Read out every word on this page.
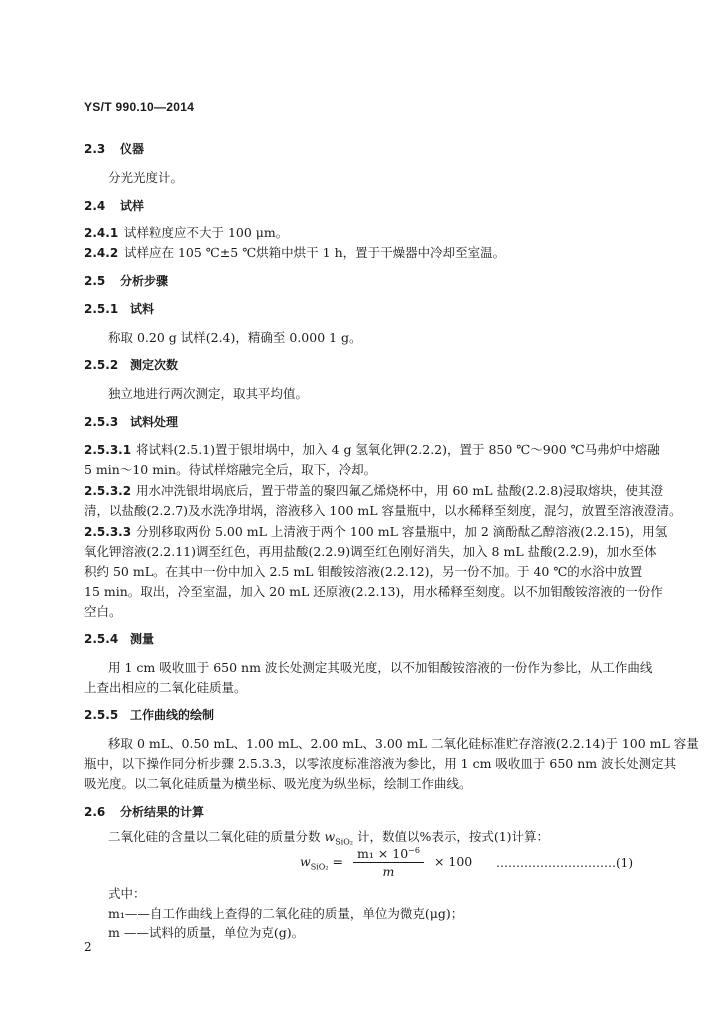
YS/T 990.10—2014
2.3 仪器
分光光度计。
2.4 试样
2.4.1 试样粒度应不大于 100 μm。
2.4.2 试样应在 105 ℃±5 ℃烘箱中烘干 1 h，置于干燥器中冷却至室温。
2.5 分析步骤
2.5.1 试料
称取 0.20 g 试样(2.4)，精确至 0.000 1 g。
2.5.2 测定次数
独立地进行两次测定，取其平均值。
2.5.3 试料处理
2.5.3.1 将试料(2.5.1)置于银坩埚中，加入 4 g 氢氧化钾(2.2.2)，置于 850 ℃～900 ℃马弗炉中熔融
5 min～10 min。待试样熔融完全后，取下，冷却。
2.5.3.2 用水冲洗银坩埚底后，置于带盖的聚四氟乙烯烧杯中，用 60 mL 盐酸(2.2.8)浸取熔块，使其澄
清，以盐酸(2.2.7)及水洗净坩埚，溶液移入 100 mL 容量瓶中，以水稀释至刻度，混匀，放置至溶液澄清。
2.5.3.3 分别移取两份 5.00 mL 上清液于两个 100 mL 容量瓶中，加 2 滴酚酞乙醇溶液(2.2.15)，用氢
氧化钾溶液(2.2.11)调至红色，再用盐酸(2.2.9)调至红色刚好消失，加入 8 mL 盐酸(2.2.9)，加水至体
积约 50 mL。在其中一份中加入 2.5 mL 钼酸铵溶液(2.2.12)，另一份不加。于 40 ℃的水浴中放置
15 min。取出，冷至室温，加入 20 mL 还原液(2.2.13)，用水稀释至刻度。以不加钼酸铵溶液的一份作
空白。
2.5.4 测量
用 1 cm 吸收皿于 650 nm 波长处测定其吸光度，以不加钼酸铵溶液的一份作为参比，从工作曲线
上查出相应的二氧化硅质量。
2.5.5 工作曲线的绘制
移取 0 mL、0.50 mL、1.00 mL、2.00 mL、3.00 mL 二氧化硅标准贮存溶液(2.2.14)于 100 mL 容量
瓶中，以下操作同分析步骤 2.5.3.3，以零浓度标准溶液为参比，用 1 cm 吸收皿于 650 nm 波长处测定其
吸光度。以二氧化硅质量为横坐标、吸光度为纵坐标，绘制工作曲线。
2.6 分析结果的计算
二氧化硅的含量以二氧化硅的质量分数 $w_{SiO_2}$ 计，数值以%表示，按式(1)计算：
$w_{SiO_2} = \frac{m_1 \times 10^{-6}}{m} \times 100$ …………………………(1)
式中：
m₁——自工作曲线上查得的二氧化硅的质量，单位为微克(μg)；
m ——试料的质量，单位为克(g)。
2
